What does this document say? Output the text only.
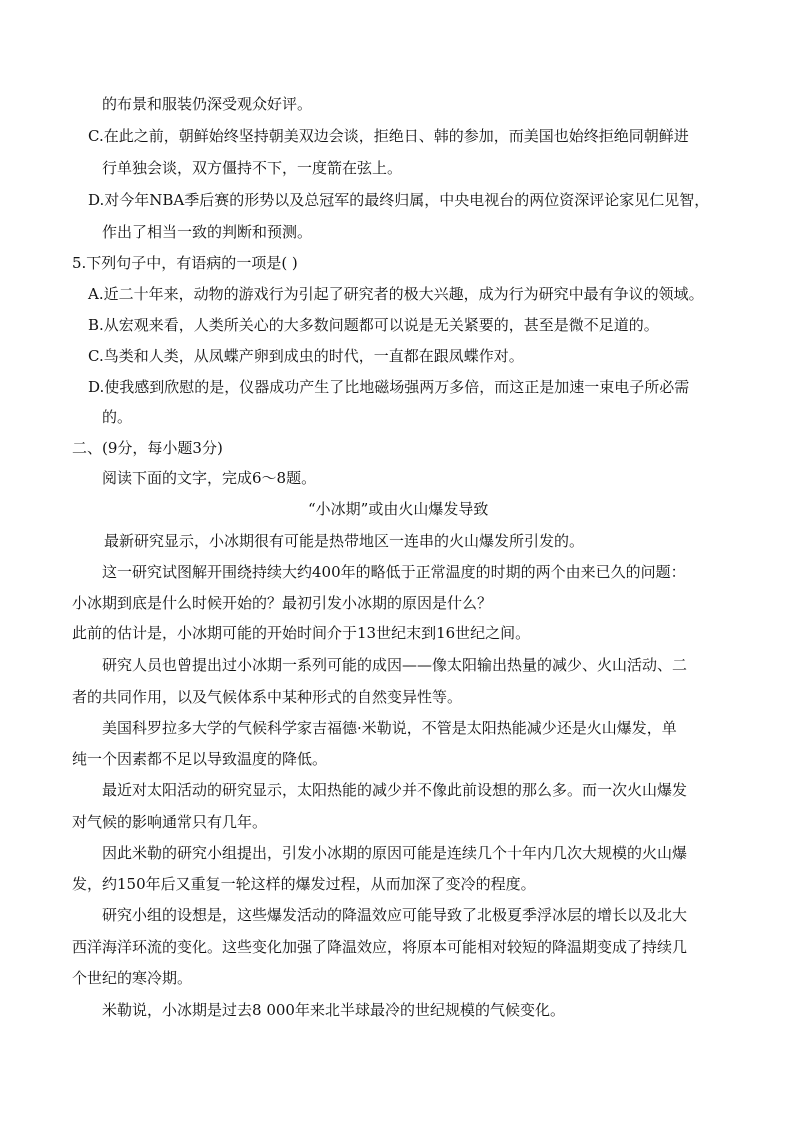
的布景和服装仍深受观众好评。
C.在此之前，朝鲜始终坚持朝美双边会谈，拒绝日、韩的参加，而美国也始终拒绝同朝鲜进
行单独会谈，双方僵持不下，一度箭在弦上。
D.对今年NBA季后赛的形势以及总冠军的最终归属，中央电视台的两位资深评论家见仁见智，
作出了相当一致的判断和预测。
5.下列句子中，有语病的一项是( )
A.近二十年来，动物的游戏行为引起了研究者的极大兴趣，成为行为研究中最有争议的领域。
B.从宏观来看，人类所关心的大多数问题都可以说是无关紧要的，甚至是微不足道的。
C.鸟类和人类，从凤蝶产卵到成虫的时代，一直都在跟凤蝶作对。
D.使我感到欣慰的是，仪器成功产生了比地磁场强两万多倍，而这正是加速一束电子所必需
的。
二、(9分，每小题3分)
阅读下面的文字，完成6～8题。
“小冰期”或由火山爆发导致
最新研究显示，小冰期很有可能是热带地区一连串的火山爆发所引发的。
这一研究试图解开围绕持续大约400年的略低于正常温度的时期的两个由来已久的问题：
小冰期到底是什么时候开始的？最初引发小冰期的原因是什么？
此前的估计是，小冰期可能的开始时间介于13世纪末到16世纪之间。
研究人员也曾提出过小冰期一系列可能的成因——像太阳输出热量的减少、火山活动、二
者的共同作用，以及气候体系中某种形式的自然变异性等。
美国科罗拉多大学的气候科学家吉福德·米勒说，不管是太阳热能减少还是火山爆发，单
纯一个因素都不足以导致温度的降低。
最近对太阳活动的研究显示，太阳热能的减少并不像此前设想的那么多。而一次火山爆发
对气候的影响通常只有几年。
因此米勒的研究小组提出，引发小冰期的原因可能是连续几个十年内几次大规模的火山爆
发，约150年后又重复一轮这样的爆发过程，从而加深了变冷的程度。
研究小组的设想是，这些爆发活动的降温效应可能导致了北极夏季浮冰层的增长以及北大
西洋海洋环流的变化。这些变化加强了降温效应，将原本可能相对较短的降温期变成了持续几
个世纪的寒冷期。
米勒说，小冰期是过去8 000年来北半球最冷的世纪规模的气候变化。
